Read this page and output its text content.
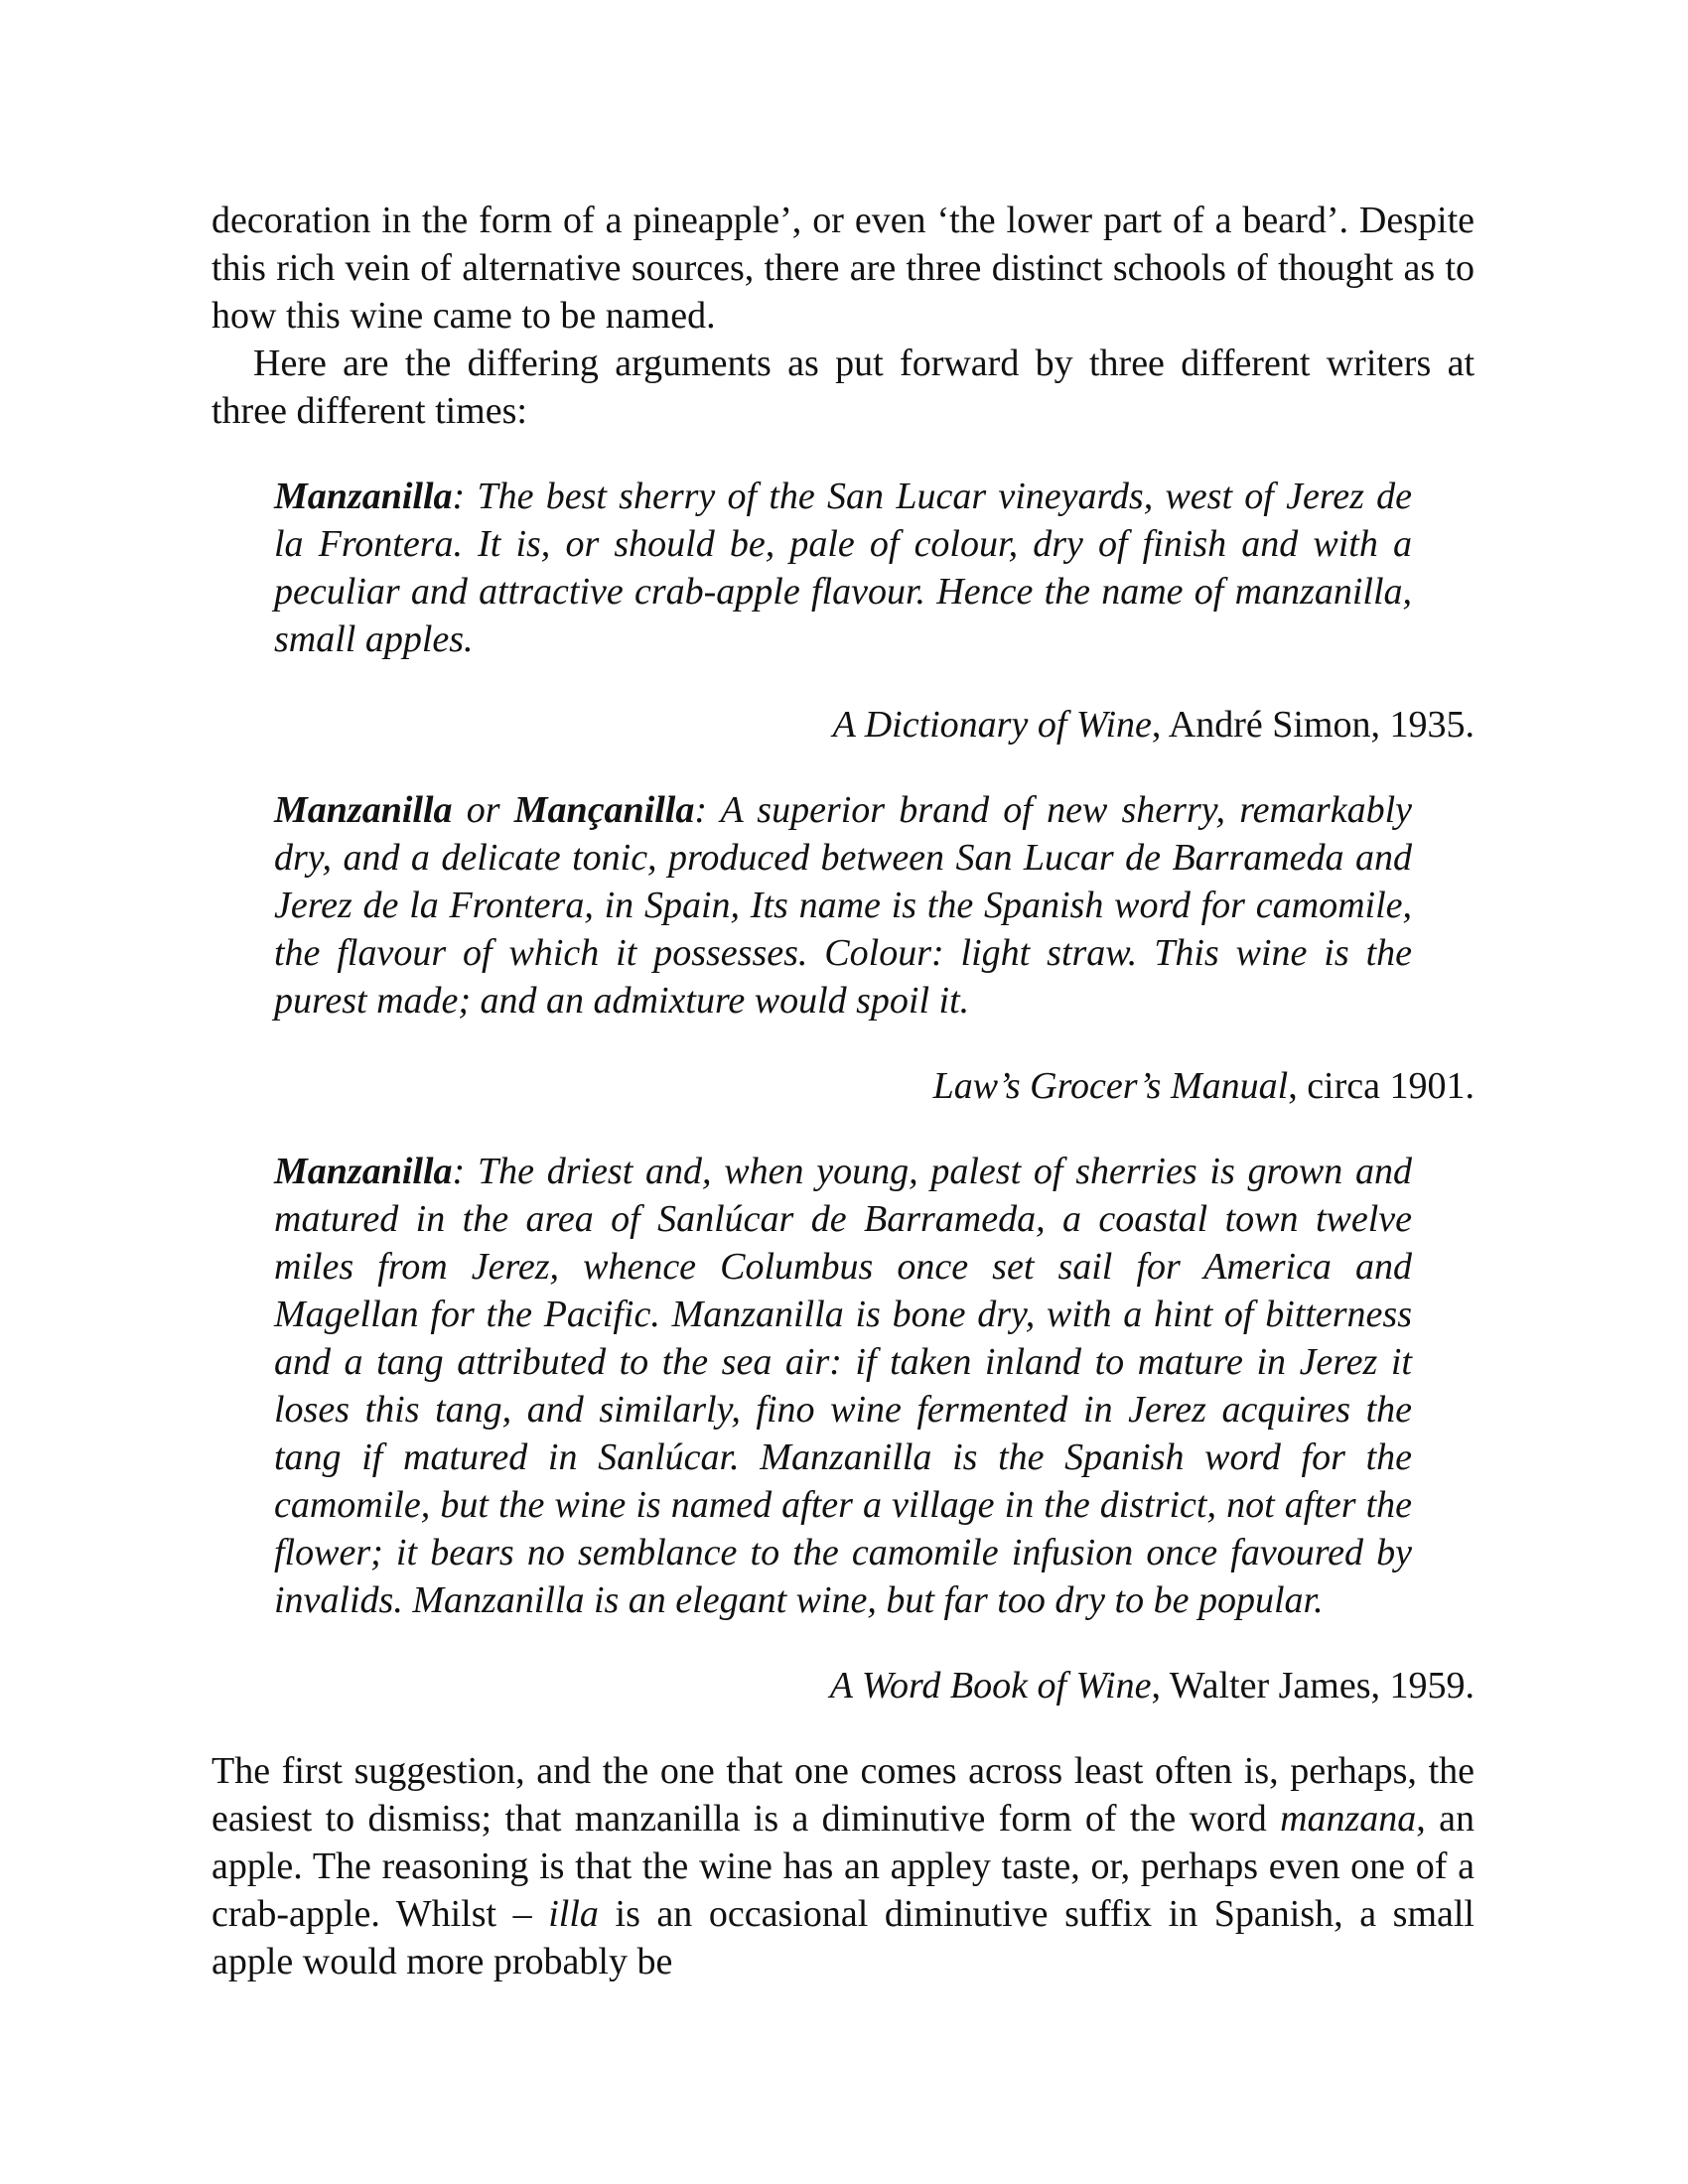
decoration in the form of a pineapple’, or even ‘the lower part of a beard’. Despite this rich vein of alternative sources, there are three distinct schools of thought as to how this wine came to be named.

Here are the differing arguments as put forward by three different writers at three different times:

Manzanilla: The best sherry of the San Lucar vineyards, west of Jerez de la Frontera. It is, or should be, pale of colour, dry of finish and with a peculiar and attractive crab-apple flavour. Hence the name of manzanilla, small apples.

A Dictionary of Wine, André Simon, 1935.

Manzanilla or Mançanilla: A superior brand of new sherry, remarkably dry, and a delicate tonic, produced between San Lucar de Barrameda and Jerez de la Frontera, in Spain, Its name is the Spanish word for camomile, the flavour of which it possesses. Colour: light straw. This wine is the purest made; and an admixture would spoil it.

Law’s Grocer’s Manual, circa 1901.

Manzanilla: The driest and, when young, palest of sherries is grown and matured in the area of Sanlúcar de Barrameda, a coastal town twelve miles from Jerez, whence Columbus once set sail for America and Magellan for the Pacific. Manzanilla is bone dry, with a hint of bitterness and a tang attributed to the sea air: if taken inland to mature in Jerez it loses this tang, and similarly, fino wine fermented in Jerez acquires the tang if matured in Sanlúcar. Manzanilla is the Spanish word for the camomile, but the wine is named after a village in the district, not after the flower; it bears no semblance to the camomile infusion once favoured by invalids. Manzanilla is an elegant wine, but far too dry to be popular.

A Word Book of Wine, Walter James, 1959.

The first suggestion, and the one that one comes across least often is, perhaps, the easiest to dismiss; that manzanilla is a diminutive form of the word manzana, an apple. The reasoning is that the wine has an appley taste, or, perhaps even one of a crab-apple. Whilst – illa is an occasional diminutive suffix in Spanish, a small apple would more probably be
